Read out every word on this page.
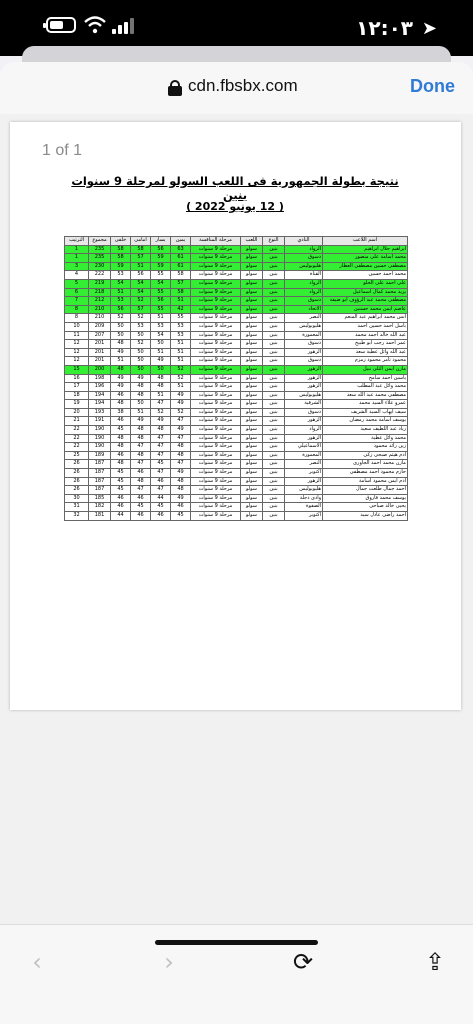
١٢:٠٣ ➤
cdn.fbsbx.com	Done
1 of 1
نتيجة بطولة الجمهورية فى اللعب السولو لمرحلة 9 سنوات بنين
( 12 يونيو 2022 )
الترتيب	مجموع	خلفى	امامى	يسار	يمين	مرحلة المنافسة	اللعب	النوع	النادي	اسم اللاعب
1	235	58	58	56	63	مرحلة 9 سنوات	سولو	بنين	الرواد	ابراهيم جلال ابراهيم
1	235	58	57	59	61	مرحلة 9 سنوات	سولو	بنين	دسوق	محمد اسامة على منصور
3	230	59	51	59	61	مرحلة 9 سنوات	سولو	بنين	هليوبوليس	مصطفى حسين مصطفى العطار
4	222	53	56	55	58	مرحلة 9 سنوات	سولو	بنين	القناة	محمد احمد حسين
5	219	54	54	54	57	مرحلة 9 سنوات	سولو	بنين	الرواد	على احمد على الحلو
6	218	51	54	55	58	مرحلة 9 سنوات	سولو	بنين	الرواد	يزيد محمد كمال اسماعيل
7	212	53	52	56	51	مرحلة 9 سنوات	سولو	بنين	دسوق	مصطفى محمد عبد الرؤوف ابو ضيفة
8	210	56	57	55	42	مرحلة 9 سنوات	سولو	بنين	الاتحاد	عاصم ايمن محمد حسنين
8	210	52	52	51	55	مرحلة 9 سنوات	سولو	بنين	النصر	أنس محمد ابراهيم عبد المنعم
10	209	50	53	53	53	مرحلة 9 سنوات	سولو	بنين	هليوبوليس	باسل احمد حسين احمد
11	207	50	50	54	53	مرحلة 9 سنوات	سولو	بنين	المعمورة	عبد الله خالد احمد محمد
12	201	48	52	50	51	مرحلة 9 سنوات	سولو	بنين	دسوق	عمر احمد رجب أبو طبيخ
12	201	49	50	51	51	مرحلة 9 سنوات	سولو	بنين	الزهور	عبد الله وائل عطية سعد
12	201	51	50	49	51	مرحلة 9 سنوات	سولو	بنين	دسوق	محمود تامر محمود زمزم
15	200	48	50	50	52	مرحلة 9 سنوات	سولو	بنين	الزهور	مازن أيمن الثلى نبيل
16	198	49	49	48	52	مرحلة 9 سنوات	سولو	بنين	الزهور	ياسين احمد سامح
17	196	49	48	48	51	مرحلة 9 سنوات	سولو	بنين	الزهور	محمد وائل عبد المطلب
18	194	46	48	51	49	مرحلة 9 سنوات	سولو	بنين	هليوبوليس	مصطفى محمد عبد الله سعد
19	194	48	50	47	49	مرحلة 9 سنوات	سولو	بنين	الشرقية	عمرو علاء السيد محمد
20	193	38	51	52	52	مرحلة 9 سنوات	سولو	بنين	دسوق	سيف ايهاب السيد الشريف
21	191	46	49	49	47	مرحلة 9 سنوات	سولو	بنين	الزهور	يوسف أسامة محمد رمضان
22	190	45	48	48	49	مرحلة 9 سنوات	سولو	بنين	الرواد	زياد عبد اللطيف سعيد
22	190	48	48	47	47	مرحلة 9 سنوات	سولو	بنين	الزهور	محمد وائل عطية
22	190	48	47	47	48	مرحلة 9 سنوات	سولو	بنين	الاسماعيلي	زين رائد محمود
25	189	46	48	47	48	مرحلة 9 سنوات	سولو	بنين	المعمورة	آدم هيثم صبحى زكى
26	187	48	47	45	47	مرحلة 9 سنوات	سولو	بنين	النصر	مازن محمد احمد الجاورى
26	187	45	46	47	49	مرحلة 9 سنوات	سولو	بنين	أكتوبر	حازم محمود احمد مصطفى
26	187	45	48	46	48	مرحلة 9 سنوات	سولو	بنين	الزهور	آدم أيمن محمود أسامة
26	187	45	47	47	48	مرحلة 9 سنوات	سولو	بنين	هليوبوليس	أحمد جمال طلعت جمال
30	185	46	46	44	49	مرحلة 9 سنوات	سولو	بنين	وادى دجلة	يوسف محمد فاروق
31	182	46	45	45	46	مرحلة 9 سنوات	سولو	بنين	الصفوة	يحيى خالد صباحى
32	181	44	46	46	45	مرحلة 9 سنوات	سولو	بنين	أكتوبر	احمد راضى عادل سيد
‹	›	⟳	⇪
